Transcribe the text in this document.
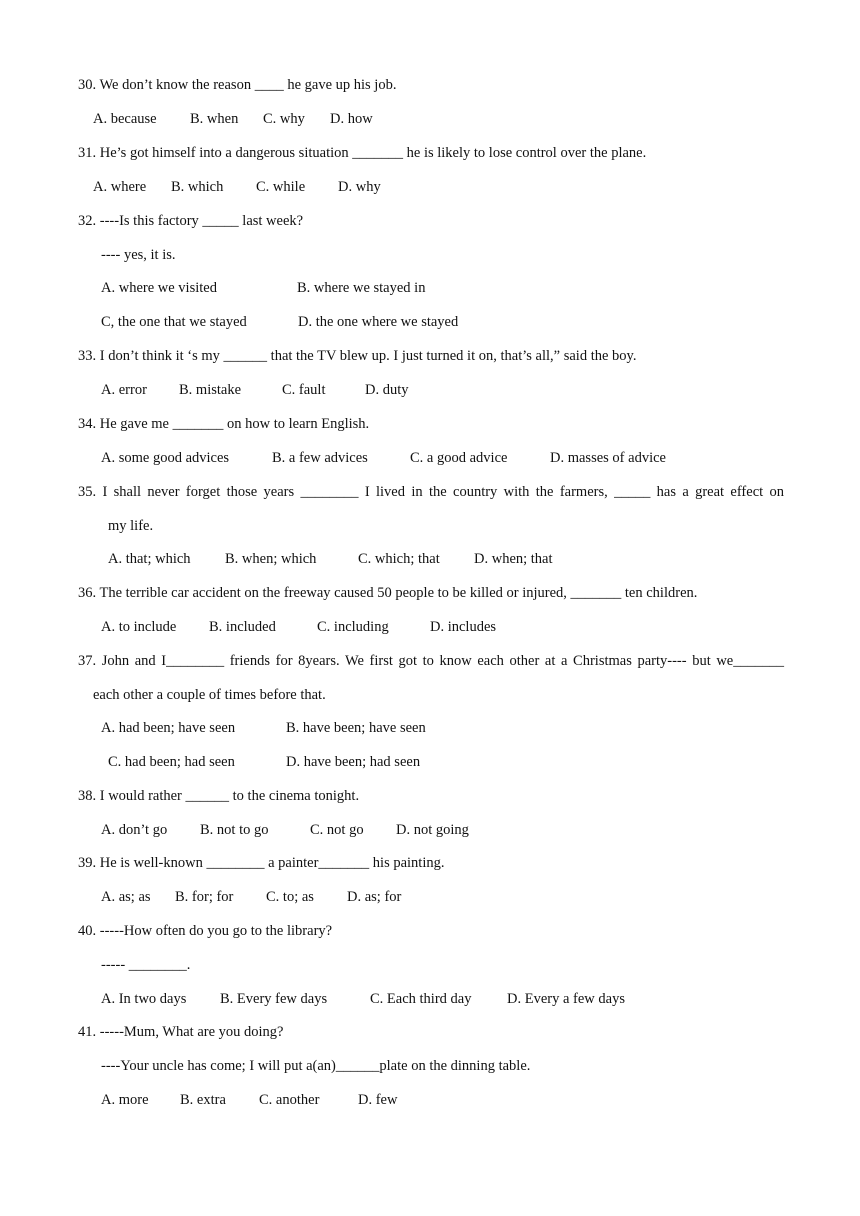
30. We don’t know the reason ____ he gave up his job.
A. because B. when C. why D. how
31. He’s got himself into a dangerous situation _______ he is likely to lose control over the plane.
A. where B. which C. while D. why
32. ----Is this factory _____ last week?
---- yes, it is.
A. where we visited	B. where we stayed in
C, the one that we stayed	D. the one where we stayed
33. I don’t think it ‘s my ______ that the TV blew up. I just turned it on, that’s all,” said the boy.
A. error B. mistake	C. fault	D. duty
34. He gave me _______ on how to learn English.
A. some good advices	B. a few advices	C. a good advice	D. masses of advice
35. I shall never forget those years ________ I lived in the country with the farmers, _____ has a great effect on
my life.
A. that; which B. when; which	C. which; that D. when; that
36. The terrible car accident on the freeway caused 50 people to be killed or injured, _______ ten children.
A. to include B. included	C. including	D. includes
37. John and I________ friends for 8years. We first got to know each other at a Christmas party---- but we_______
each other a couple of times before that.
A. had been; have seen	B. have been; have seen
C. had been; had seen	D. have been; had seen
38. I would rather ______ to the cinema tonight.
A. don’t go B. not to go	C. not go D. not going
39. He is well-known ________ a painter_______ his painting.
A. as; as B. for; for C. to; as D. as; for
40. -----How often do you go to the library?
----- ________.
A. In two days B. Every few days	C. Each third day D. Every a few days
41. -----Mum, What are you doing?
----Your uncle has come; I will put a(an)______plate on the dinning table.
A. more B. extra C. another	D. few
